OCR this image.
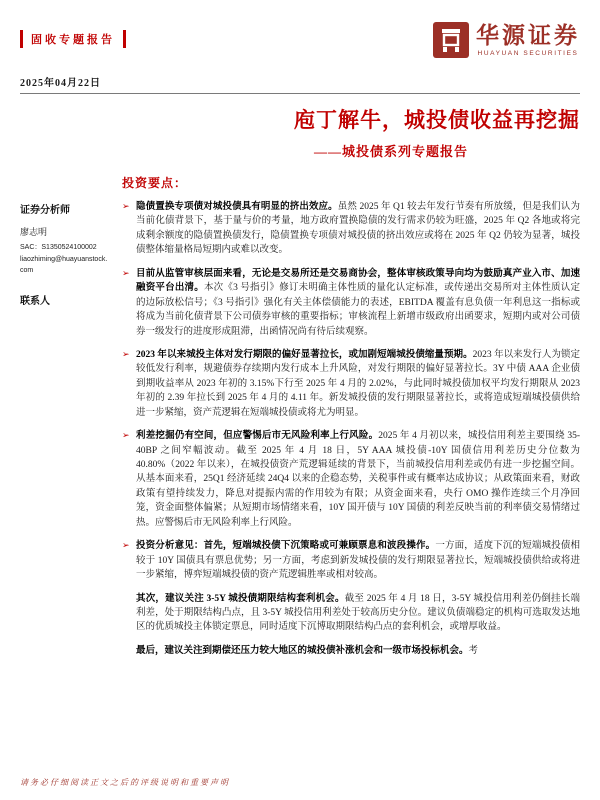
固收专题报告	华源证券
HUAYUAN SECURITIES
2025年04月22日
庖丁解牛，城投债收益再挖掘
——城投债系列专题报告
证券分析师
廖志明
SAC：S1350524100002
liaozhiming@huayuanstock.com
联系人
投资要点：
➢ 隐债置换专项债对城投债具有明显的挤出效应。虽然 2025 年 Q1 较去年发行节奏有所放缓，但是我们认为当前化债背景下，基于量与价的考量，地方政府置换隐债的发行需求仍较为旺盛，2025 年 Q2 各地或将完成剩余额度的隐债置换债发行，隐债置换专项债对城投债的挤出效应或将在 2025 年 Q2 仍较为显著，城投债整体缩量格局短期内或难以改变。

➢ 目前从监管审核层面来看，无论是交易所还是交易商协会，整体审核政策导向均为鼓励真产业入市、加速融资平台出清。本次《3 号指引》修订未明确主体性质的量化认定标准，或传递出交易所对主体性质认定的边际放松信号；《3 号指引》强化有关主体偿债能力的表述，EBITDA 覆盖有息负债一年利息这一指标或将成为当前化债背景下公司债券审核的重要指标；审核流程上新增市级政府出函要求，短期内或对公司债券一级发行的进度形成阻滞，出函情况尚有待后续观察。

➢ 2023 年以来城投主体对发行期限的偏好显著拉长，或加剧短端城投债缩量预期。2023 年以来发行人为锁定较低发行利率，规避债券存续期内发行成本上升风险，对发行期限的偏好显著拉长。3Y 中债 AAA 企业债到期收益率从 2023 年初的 3.15%下行至 2025 年 4 月的 2.02%，与此同时城投债加权平均发行期限从 2023 年初的 2.39 年拉长到 2025 年 4 月的 4.11 年。新发城投债的发行期限显著拉长，或将造成短端城投债供给进一步紧缩，资产荒逻辑在短端城投债或将尤为明显。

➢ 利差挖掘仍有空间，但应警惕后市无风险利率上行风险。2025 年 4 月初以来，城投信用利差主要围绕 35-40BP 之间窄幅波动。截至 2025 年 4 月 18 日，5Y AAA 城投债-10Y 国债信用利差历史分位数为 40.80%（2022 年以来），在城投债资产荒逻辑延续的背景下，当前城投信用利差或仍有进一步挖掘空间。从基本面来看，25Q1 经济延续 24Q4 以来的企稳态势，关税事件或有概率达成协议；从政策面来看，财政政策有望持续发力，降息对提振内需的作用较为有限；从资金面来看，央行 OMO 操作连续三个月净回笼，资金面整体偏紧；从短期市场情绪来看，10Y 国开债与 10Y 国债的利差反映当前的利率债交易情绪过热。应警惕后市无风险利率上行风险。

➢ 投资分析意见：首先，短端城投债下沉策略或可兼顾票息和波段操作。一方面，适度下沉的短端城投债相较于 10Y 国债具有票息优势；另一方面，考虑到新发城投债的发行期限显著拉长，短端城投债供给或将进一步紧缩，博弈短端城投债的资产荒逻辑胜率或相对较高。

其次，建议关注 3-5Y 城投债期限结构套利机会。截至 2025 年 4 月 18 日，3-5Y 城投信用利差仍倒挂长端利差，处于期限结构凸点，且 3-5Y 城投信用利差处于较高历史分位。建议负债端稳定的机构可选取发达地区的优质城投主体锁定票息，同时适度下沉博取期限结构凸点的套利机会，或增厚收益。

最后，建议关注到期偿还压力较大地区的城投债补涨机会和一级市场投标机会。考

请务必仔细阅读正文之后的评级说明和重要声明
